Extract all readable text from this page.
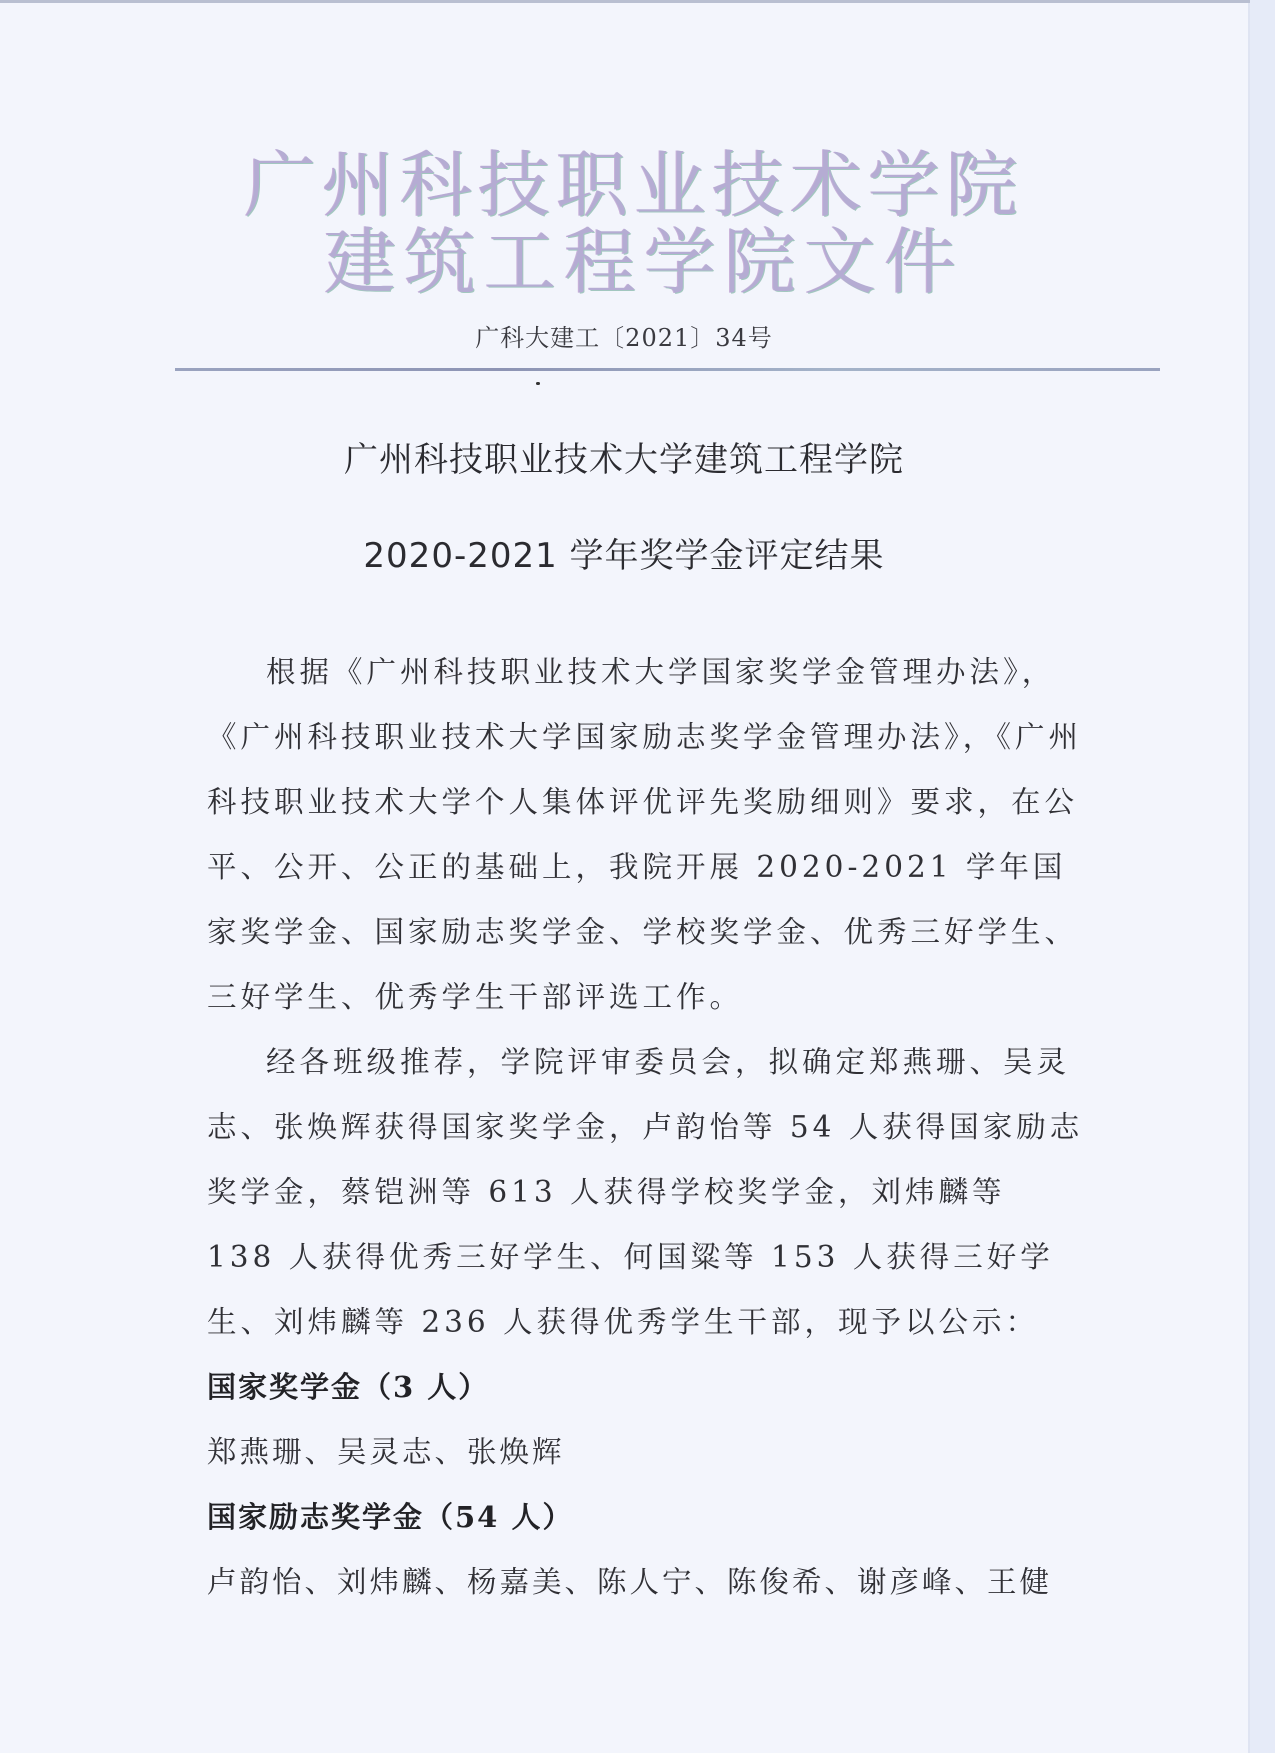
广州科技职业技术学院
建筑工程学院文件
广科大建工〔2021〕34号
广州科技职业技术大学建筑工程学院
2020-2021 学年奖学金评定结果

根据《广州科技职业技术大学国家奖学金管理办法》，《广州科技职业技术大学国家励志奖学金管理办法》，《广州科技职业技术大学个人集体评优评先奖励细则》要求，在公平、公开、公正的基础上，我院开展 2020-2021 学年国家奖学金、国家励志奖学金、学校奖学金、优秀三好学生、三好学生、优秀学生干部评选工作。

经各班级推荐，学院评审委员会，拟确定郑燕珊、吴灵志、张焕辉获得国家奖学金，卢韵怡等 54 人获得国家励志奖学金，蔡铠洲等 613 人获得学校奖学金，刘炜麟等 138 人获得优秀三好学生、何国粱等 153 人获得三好学生、刘炜麟等 236 人获得优秀学生干部，现予以公示：

国家奖学金（3 人）

郑燕珊、吴灵志、张焕辉

国家励志奖学金（54 人）

卢韵怡、刘炜麟、杨嘉美、陈人宁、陈俊希、谢彦峰、王健
